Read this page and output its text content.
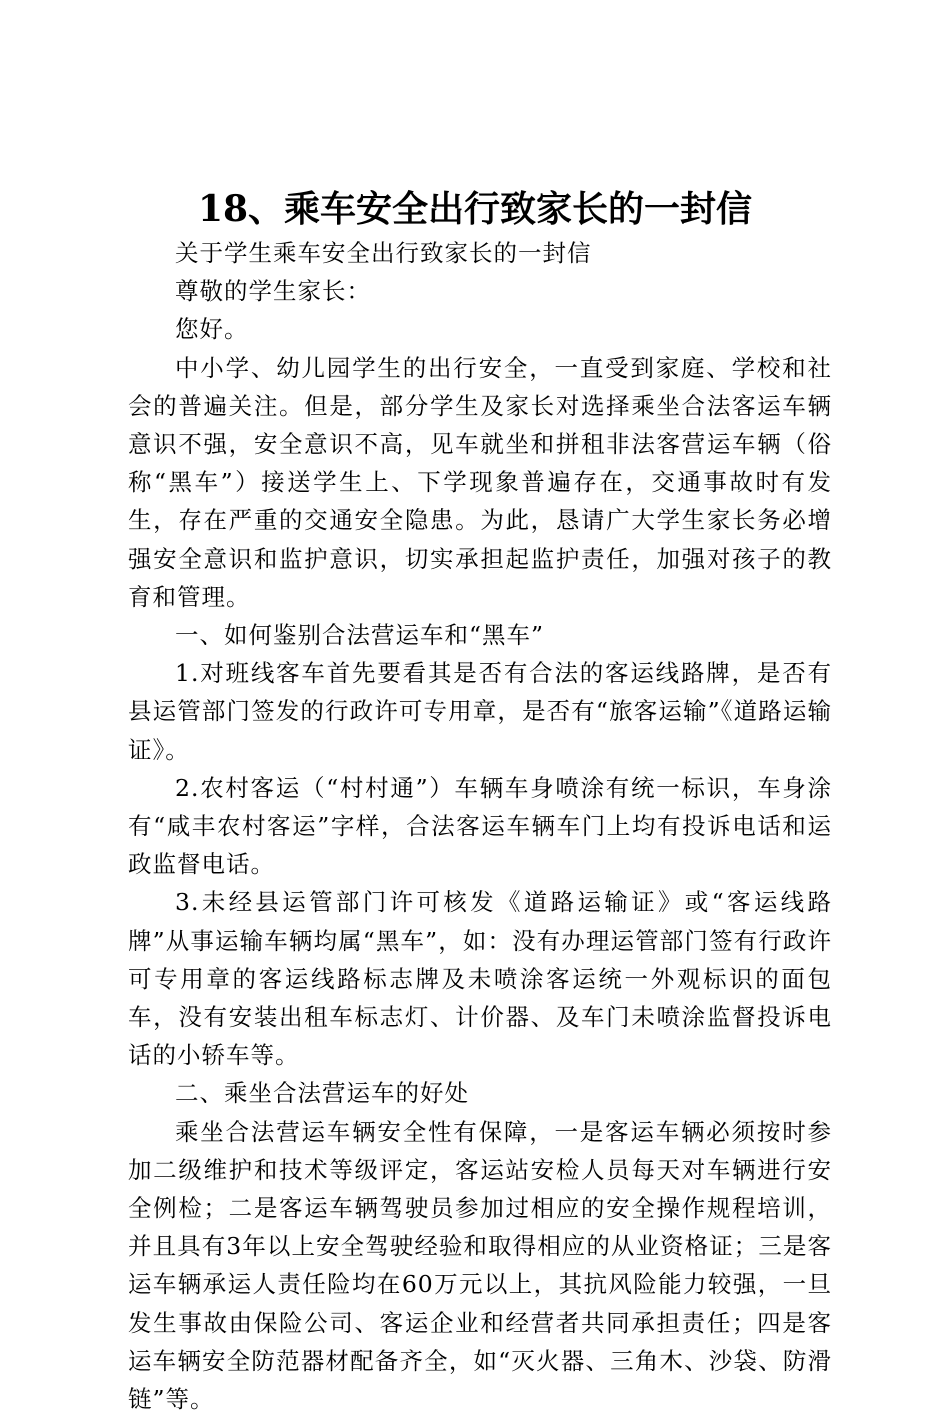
18、乘车安全出行致家长的一封信

关于学生乘车安全出行致家长的一封信

尊敬的学生家长：

您好。

中小学、幼儿园学生的出行安全，一直受到家庭、学校和社会的普遍关注。但是，部分学生及家长对选择乘坐合法客运车辆意识不强，安全意识不高，见车就坐和拼租非法客营运车辆（俗称“黑车”）接送学生上、下学现象普遍存在，交通事故时有发生，存在严重的交通安全隐患。为此，恳请广大学生家长务必增强安全意识和监护意识，切实承担起监护责任，加强对孩子的教育和管理。

一、如何鉴别合法营运车和“黑车”

1.对班线客车首先要看其是否有合法的客运线路牌，是否有县运管部门签发的行政许可专用章，是否有“旅客运输”《道路运输证》。

2.农村客运（“村村通”）车辆车身喷涂有统一标识，车身涂有“咸丰农村客运”字样，合法客运车辆车门上均有投诉电话和运政监督电话。

3.未经县运管部门许可核发《道路运输证》或“客运线路牌”从事运输车辆均属“黑车”，如：没有办理运管部门签有行政许可专用章的客运线路标志牌及未喷涂客运统一外观标识的面包车，没有安装出租车标志灯、计价器、及车门未喷涂监督投诉电话的小轿车等。

二、乘坐合法营运车的好处

乘坐合法营运车辆安全性有保障，一是客运车辆必须按时参加二级维护和技术等级评定，客运站安检人员每天对车辆进行安全例检；二是客运车辆驾驶员参加过相应的安全操作规程培训，并且具有3年以上安全驾驶经验和取得相应的从业资格证；三是客运车辆承运人责任险均在60万元以上，其抗风险能力较强，一旦发生事故由保险公司、客运企业和经营者共同承担责任；四是客运车辆安全防范器材配备齐全，如“灭火器、三角木、沙袋、防滑链”等。
